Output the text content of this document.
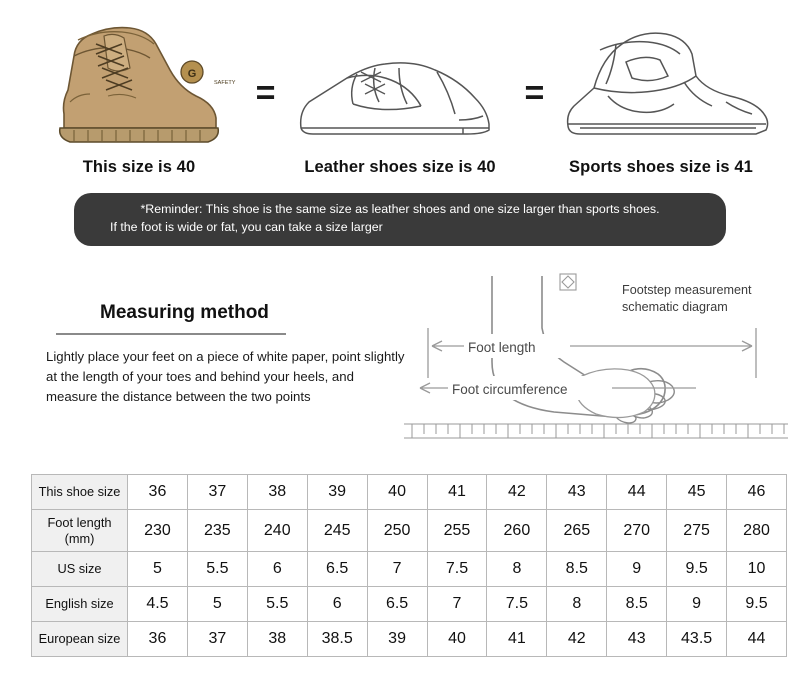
G
SAFETY =	=
This size is 40	Leather shoes size is 40	Sports shoes size is 41
*Reminder: This shoe is the same size as leather shoes and one size larger than sports shoes.
If the foot is wide or fat, you can take a size larger
Measuring method
Lightly place your feet on a piece of white paper, point slightly at the length of your toes and behind your heels, and measure the distance between the two points
Foot length
Foot circumference
Footstep measurement
schematic diagram
This shoe size	36	37	38	39	40	41	42	43	44	45	46
Foot length
(mm)	230	235	240	245	250	255	260	265	270	275	280
US size	5	5.5	6	6.5	7	7.5	8	8.5	9	9.5	10
English size	4.5	5	5.5	6	6.5	7	7.5	8	8.5	9	9.5
European size	36	37	38	38.5	39	40	41	42	43	43.5	44
